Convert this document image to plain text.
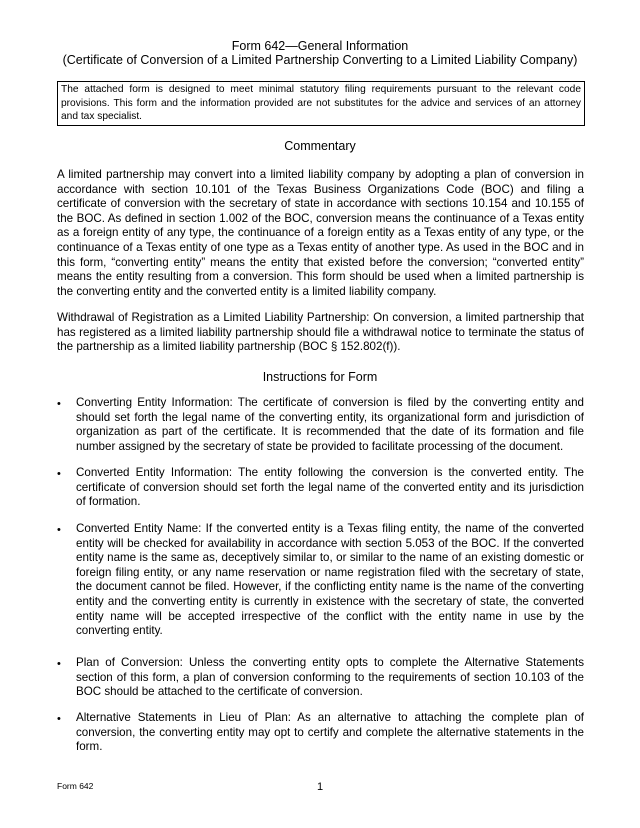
Form 642—General Information
(Certificate of Conversion of a Limited Partnership Converting to a Limited Liability Company)
The attached form is designed to meet minimal statutory filing requirements pursuant to the relevant code provisions. This form and the information provided are not substitutes for the advice and services of an attorney and tax specialist.
Commentary

A limited partnership may convert into a limited liability company by adopting a plan of conversion in accordance with section 10.101 of the Texas Business Organizations Code (BOC) and filing a certificate of conversion with the secretary of state in accordance with sections 10.154 and 10.155 of the BOC. As defined in section 1.002 of the BOC, conversion means the continuance of a Texas entity as a foreign entity of any type, the continuance of a foreign entity as a Texas entity of any type, or the continuance of a Texas entity of one type as a Texas entity of another type. As used in the BOC and in this form, “converting entity” means the entity that existed before the conversion; “converted entity” means the entity resulting from a conversion. This form should be used when a limited partnership is the converting entity and the converted entity is a limited liability company.

Withdrawal of Registration as a Limited Liability Partnership: On conversion, a limited partnership that has registered as a limited liability partnership should file a withdrawal notice to terminate the status of the partnership as a limited liability partnership (BOC § 152.802(f)).

Instructions for Form
•	Converting Entity Information: The certificate of conversion is filed by the converting entity and should set forth the legal name of the converting entity, its organizational form and jurisdiction of organization as part of the certificate. It is recommended that the date of its formation and file number assigned by the secretary of state be provided to facilitate processing of the document.
•	Converted Entity Information: The entity following the conversion is the converted entity. The certificate of conversion should set forth the legal name of the converted entity and its jurisdiction of formation.
•	Converted Entity Name: If the converted entity is a Texas filing entity, the name of the converted entity will be checked for availability in accordance with section 5.053 of the BOC. If the converted entity name is the same as, deceptively similar to, or similar to the name of an existing domestic or foreign filing entity, or any name reservation or name registration filed with the secretary of state, the document cannot be filed. However, if the conflicting entity name is the name of the converting entity and the converting entity is currently in existence with the secretary of state, the converted entity name will be accepted irrespective of the conflict with the entity name in use by the converting entity.
•	Plan of Conversion: Unless the converting entity opts to complete the Alternative Statements section of this form, a plan of conversion conforming to the requirements of section 10.103 of the BOC should be attached to the certificate of conversion.
•	Alternative Statements in Lieu of Plan: As an alternative to attaching the complete plan of conversion, the converting entity may opt to certify and complete the alternative statements in the form.
Form 642	1
